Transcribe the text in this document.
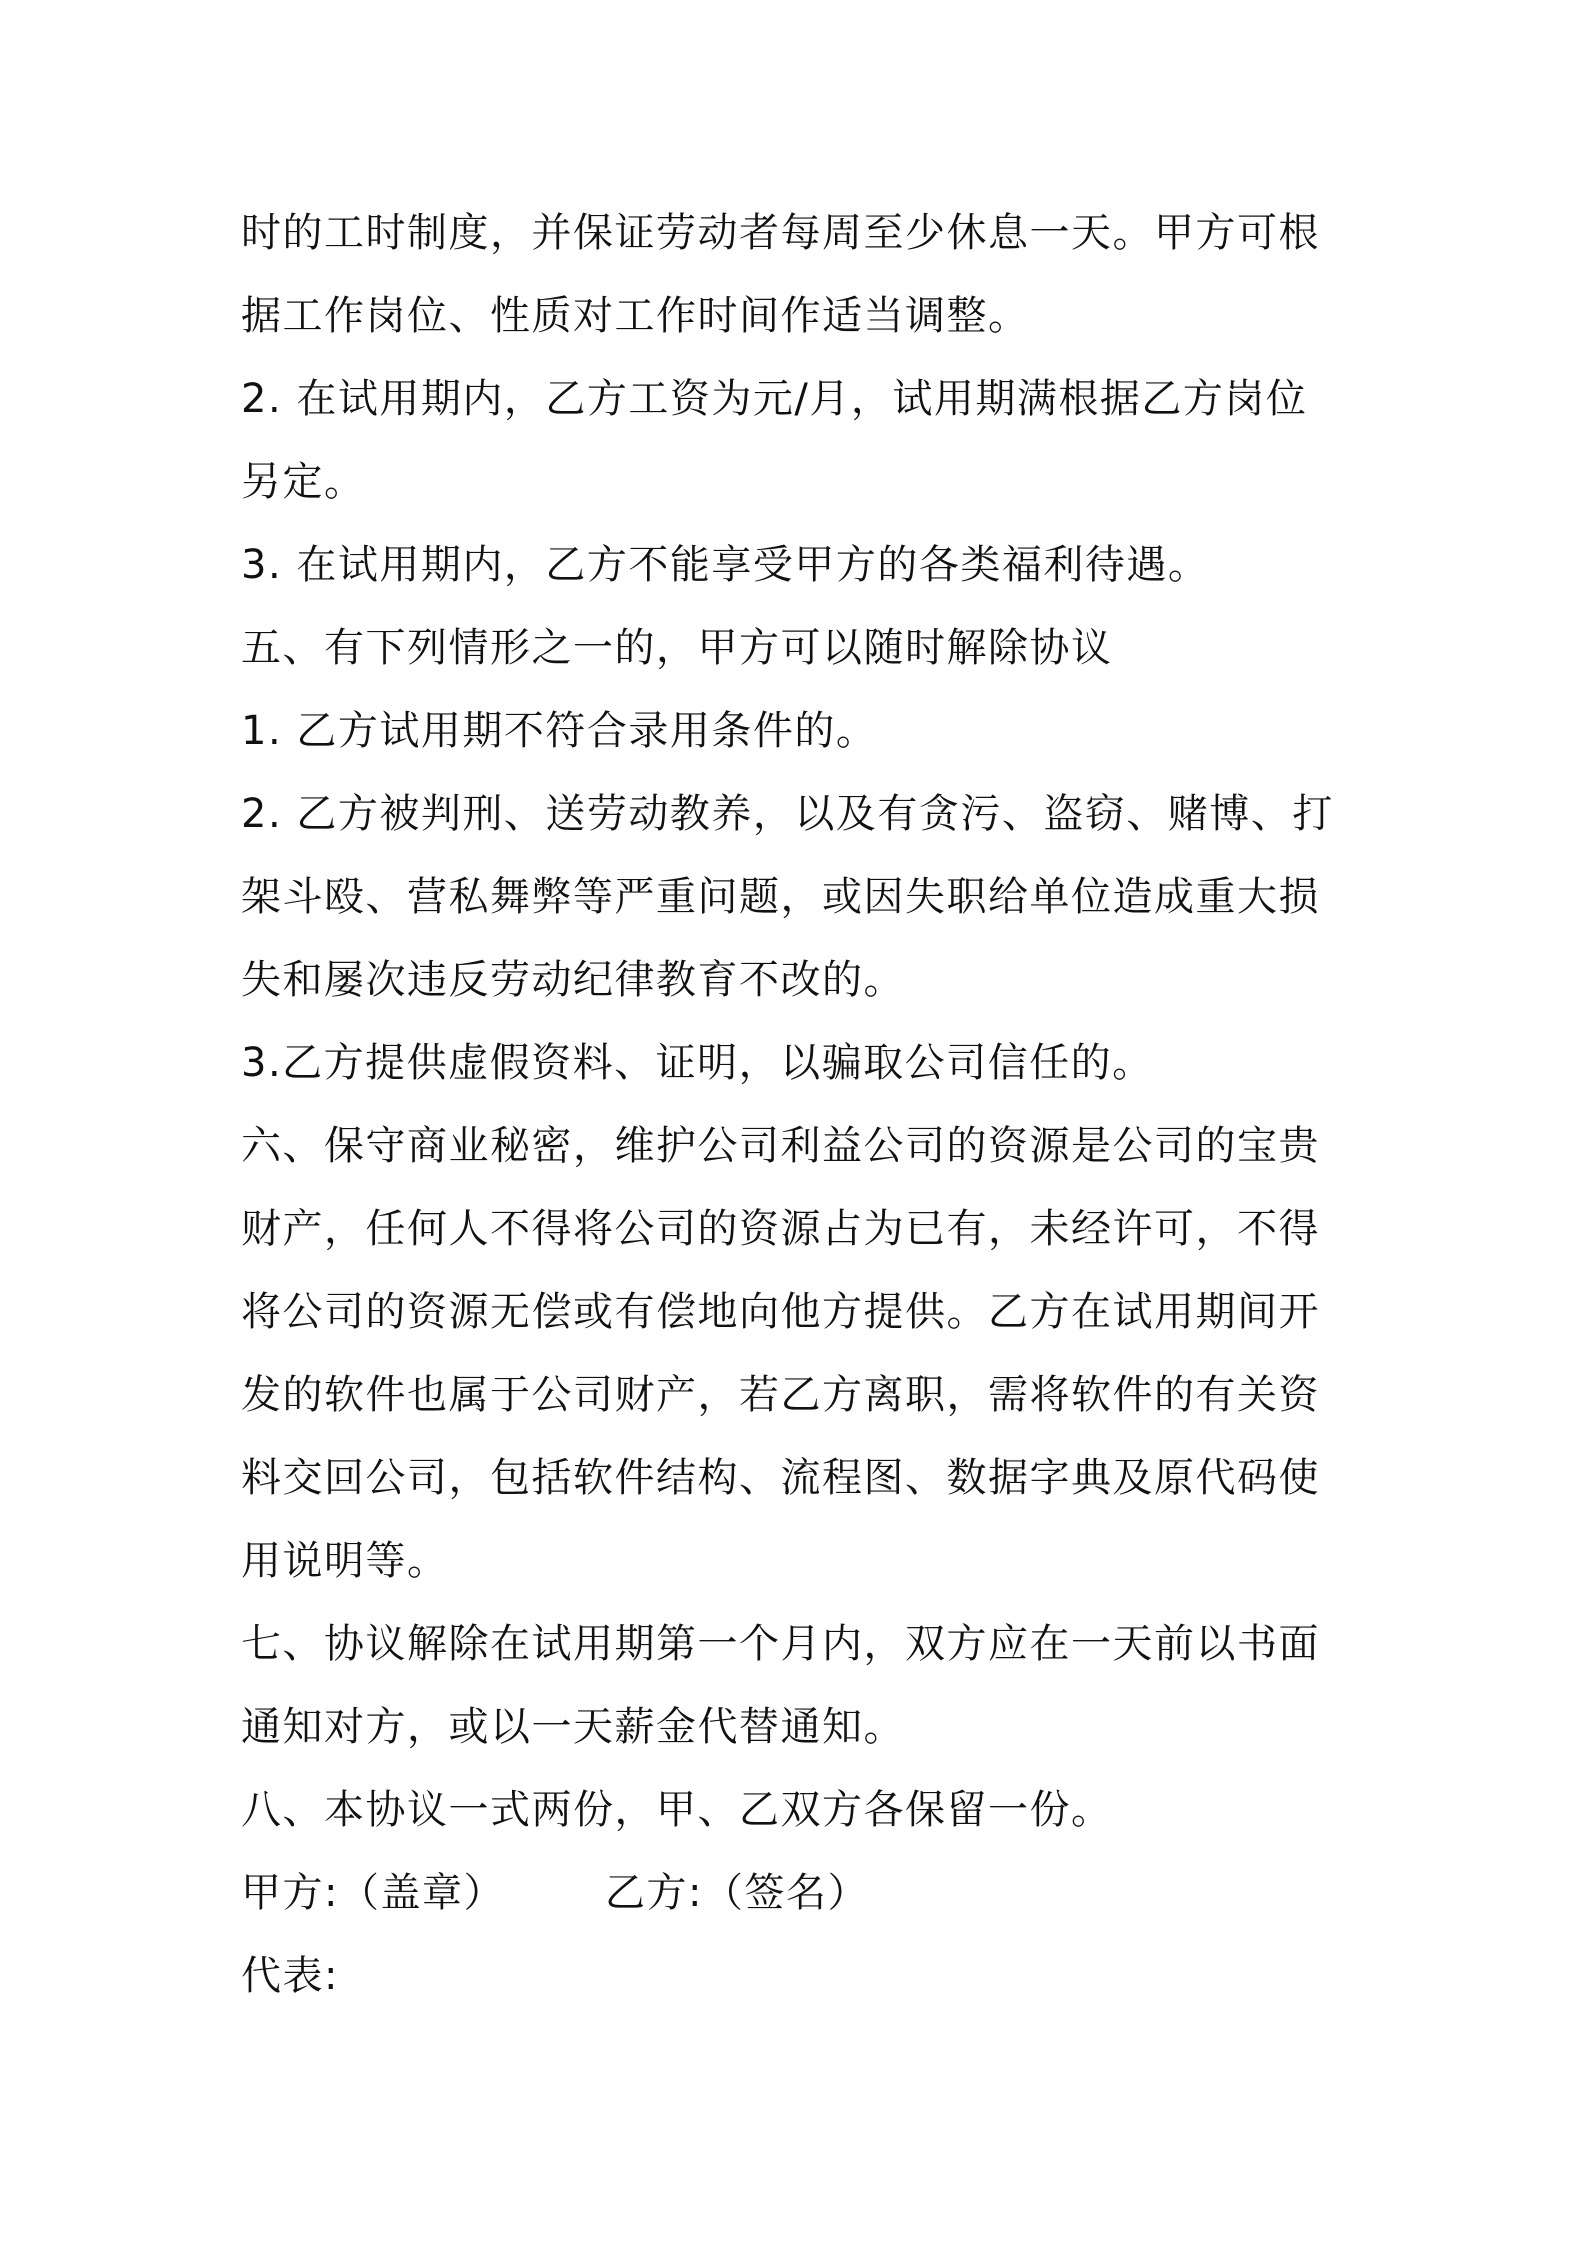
时的工时制度，并保证劳动者每周至少休息一天。甲方可根
据工作岗位、性质对工作时间作适当调整。
2. 在试用期内，乙方工资为元/月，试用期满根据乙方岗位
另定。
3. 在试用期内，乙方不能享受甲方的各类福利待遇。
五、有下列情形之一的，甲方可以随时解除协议
1. 乙方试用期不符合录用条件的。
2. 乙方被判刑、送劳动教养，以及有贪污、盗窃、赌博、打
架斗殴、营私舞弊等严重问题，或因失职给单位造成重大损
失和屡次违反劳动纪律教育不改的。
3.乙方提供虚假资料、证明，以骗取公司信任的。
六、保守商业秘密，维护公司利益公司的资源是公司的宝贵
财产，任何人不得将公司的资源占为已有，未经许可，不得
将公司的资源无偿或有偿地向他方提供。乙方在试用期间开
发的软件也属于公司财产，若乙方离职，需将软件的有关资
料交回公司，包括软件结构、流程图、数据字典及原代码使
用说明等。
七、协议解除在试用期第一个月内，双方应在一天前以书面
通知对方，或以一天薪金代替通知。
八、本协议一式两份，甲、乙双方各保留一份。
甲方:（盖章）	乙方:（签名）
代表:
